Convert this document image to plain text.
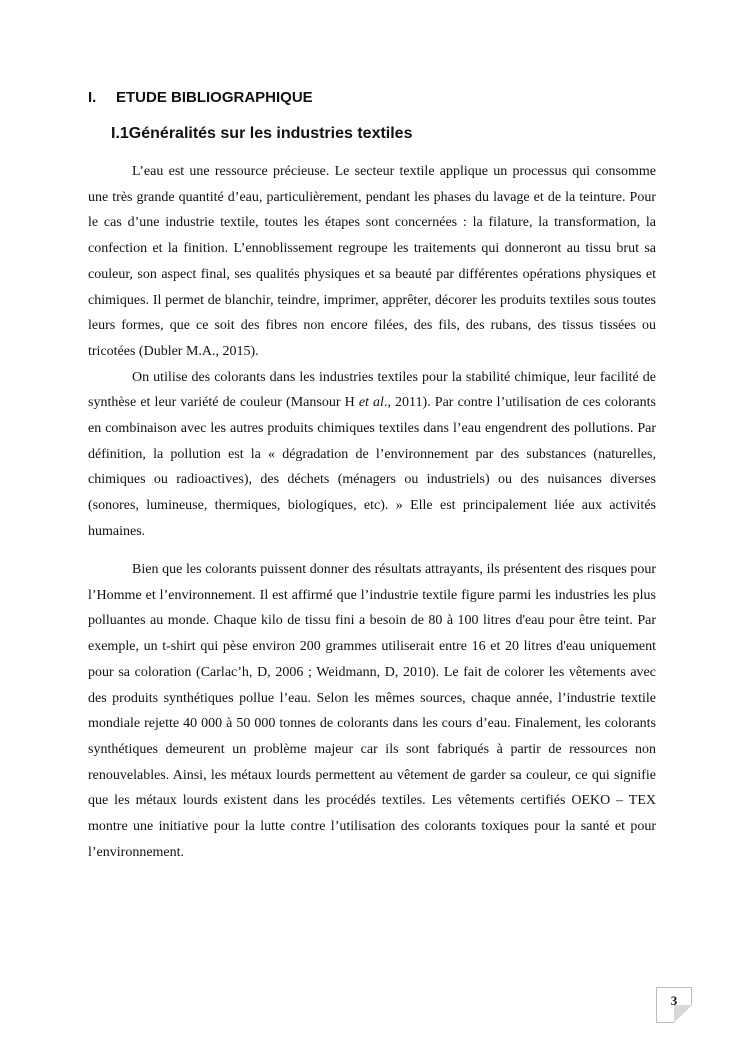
I. ETUDE BIBLIOGRAPHIQUE
I.1Généralités sur les industries textiles

L’eau est une ressource précieuse. Le secteur textile applique un processus qui consomme une très grande quantité d’eau, particulièrement, pendant les phases du lavage et de la teinture. Pour le cas d’une industrie textile, toutes les étapes sont concernées : la filature, la transformation, la confection et la finition. L’ennoblissement regroupe les traitements qui donneront au tissu brut sa couleur, son aspect final, ses qualités physiques et sa beauté par différentes opérations physiques et chimiques. Il permet de blanchir, teindre, imprimer, apprêter, décorer les produits textiles sous toutes leurs formes, que ce soit des fibres non encore filées, des fils, des rubans, des tissus tissées ou tricotées (Dubler M.A., 2015).

On utilise des colorants dans les industries textiles pour la stabilité chimique, leur facilité de synthèse et leur variété de couleur (Mansour H et al., 2011). Par contre l’utilisation de ces colorants en combinaison avec les autres produits chimiques textiles dans l’eau engendrent des pollutions. Par définition, la pollution est la « dégradation de l’environnement par des substances (naturelles, chimiques ou radioactives), des déchets (ménagers ou industriels) ou des nuisances diverses (sonores, lumineuse, thermiques, biologiques, etc). » Elle est principalement liée aux activités humaines.

Bien que les colorants puissent donner des résultats attrayants, ils présentent des risques pour l’Homme et l’environnement. Il est affirmé que l’industrie textile figure parmi les industries les plus polluantes au monde. Chaque kilo de tissu fini a besoin de 80 à 100 litres d'eau pour être teint. Par exemple, un t-shirt qui pèse environ 200 grammes utiliserait entre 16 et 20 litres d'eau uniquement pour sa coloration (Carlac’h, D, 2006 ; Weidmann, D, 2010). Le fait de colorer les vêtements avec des produits synthétiques pollue l’eau. Selon les mêmes sources, chaque année, l’industrie textile mondiale rejette 40 000 à 50 000 tonnes de colorants dans les cours d’eau. Finalement, les colorants synthétiques demeurent un problème majeur car ils sont fabriqués à partir de ressources non renouvelables. Ainsi, les métaux lourds permettent au vêtement de garder sa couleur, ce qui signifie que les métaux lourds existent dans les procédés textiles. Les vêtements certifiés OEKO – TEX montre une initiative pour la lutte contre l’utilisation des colorants toxiques pour la santé et pour l’environnement.

3
